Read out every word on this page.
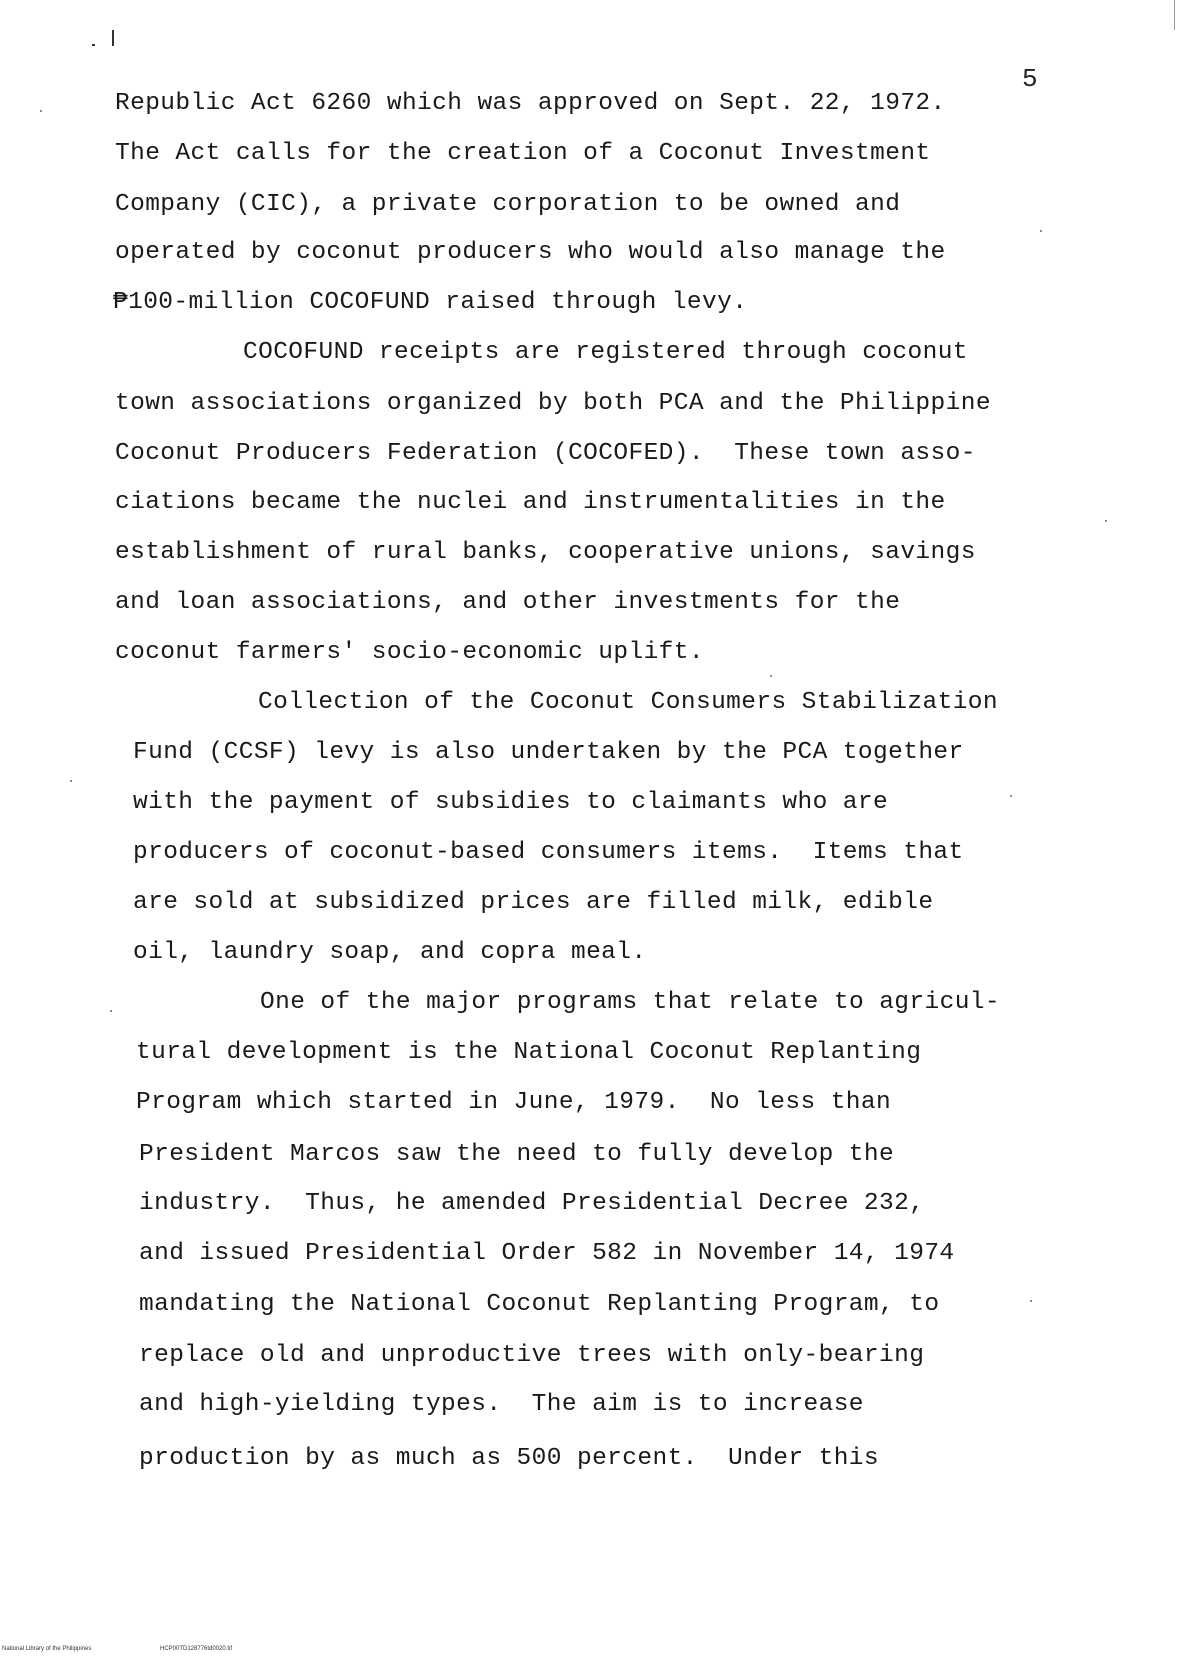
5
Republic Act 6260 which was approved on Sept. 22, 1972.
The Act calls for the creation of a Coconut Investment
Company (CIC), a private corporation to be owned and
operated by coconut producers who would also manage the
₱100-million COCOFUND raised through levy.
COCOFUND receipts are registered through coconut
town associations organized by both PCA and the Philippine
Coconut Producers Federation (COCOFED).  These town asso-
ciations became the nuclei and instrumentalities in the
establishment of rural banks, cooperative unions, savings
and loan associations, and other investments for the
coconut farmers' socio-economic uplift.
Collection of the Coconut Consumers Stabilization
Fund (CCSF) levy is also undertaken by the PCA together
with the payment of subsidies to claimants who are
producers of coconut-based consumers items.  Items that
are sold at subsidized prices are filled milk, edible
oil, laundry soap, and copra meal.
One of the major programs that relate to agricul-
tural development is the National Coconut Replanting
Program which started in June, 1979.  No less than
President Marcos saw the need to fully develop the
industry.  Thus, he amended Presidential Decree 232,
and issued Presidential Order 582 in November 14, 1974
mandating the National Coconut Replanting Program, to
replace old and unproductive trees with only-bearing
and high-yielding types.  The aim is to increase
production by as much as 500 percent.  Under this
National Library of the Philippines	HCP00TD128776td0020.tif
